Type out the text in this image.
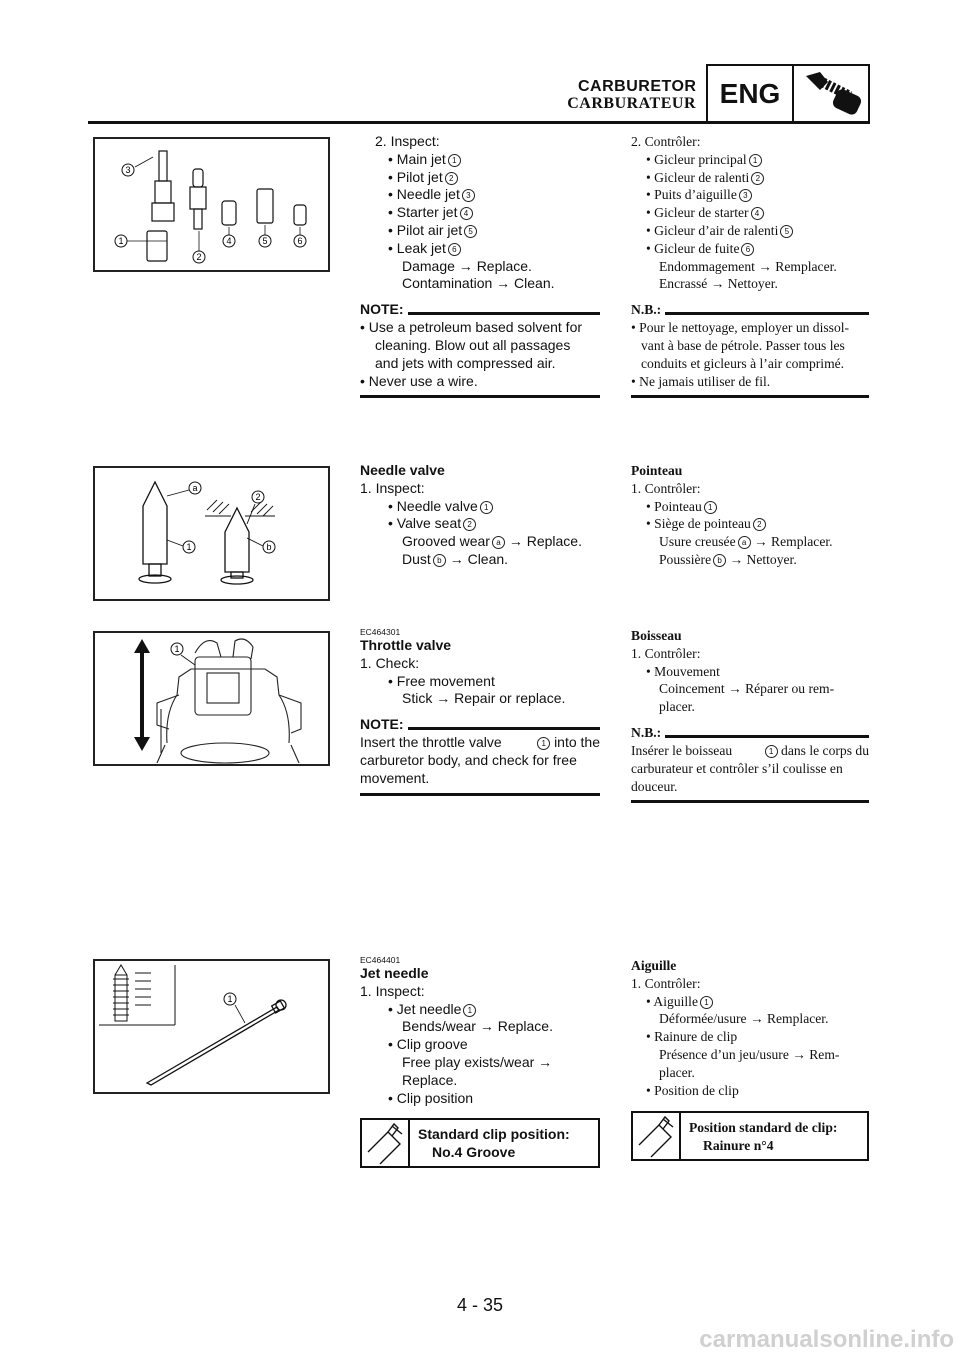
CARBURETOR
CARBURATEUR ENG
3
1
2
4	5	6

2. Inspect:

• Main jet 1

• Pilot jet 2

• Needle jet 3

• Starter jet 4

• Pilot air jet 5

• Leak jet 6

Damage → Replace.

Contamination → Clean.

NOTE:

• Use a petroleum based solvent for

cleaning. Blow out all passages

and jets with compressed air.

• Never use a wire.

2. Contrôler:

• Gicleur principal 1

• Gicleur de ralenti 2

• Puits d’aiguille 3

• Gicleur de starter 4

• Gicleur d’air de ralenti 5

• Gicleur de fuite 6

Endommagement → Remplacer.

Encrassé → Nettoyer.

N.B.:

• Pour le nettoyage, employer un dissol-

vant à base de pétrole. Passer tous les

conduits et gicleurs à l’air comprimé.

• Ne jamais utiliser de fil.

a
1
2
b

Needle valve

1. Inspect:

• Needle valve 1

• Valve seat 2

Grooved wear a → Replace.

Dust b → Clean.

Pointeau

1. Contrôler:

• Pointeau 1

• Siège de pointeau 2

Usure creusée a → Remplacer.

Poussière b → Nettoyer.

1

EC464301

Throttle valve

1. Check:

• Free movement

Stick → Repair or replace.

NOTE:

Insert the throttle valve	1 into the

carburetor body, and check for free

movement.

Boisseau

1. Contrôler:

• Mouvement

Coincement → Réparer ou rem-

placer.

N.B.:

Insérer le boisseau	1 dans le corps du

carburateur et contrôler s’il coulisse en

douceur.

1

EC464401

Jet needle

1. Inspect:

• Jet needle 1

Bends/wear → Replace.

• Clip groove

Free play exists/wear →

Replace.

• Clip position

Standard clip position:

No.4 Groove

Aiguille

1. Contrôler:

• Aiguille 1

Déformée/usure → Remplacer.

• Rainure de clip

Présence d’un jeu/usure → Rem-

placer.

• Position de clip

Position standard de clip:

Rainure n°4

4 - 35
carmanualsonline.info
